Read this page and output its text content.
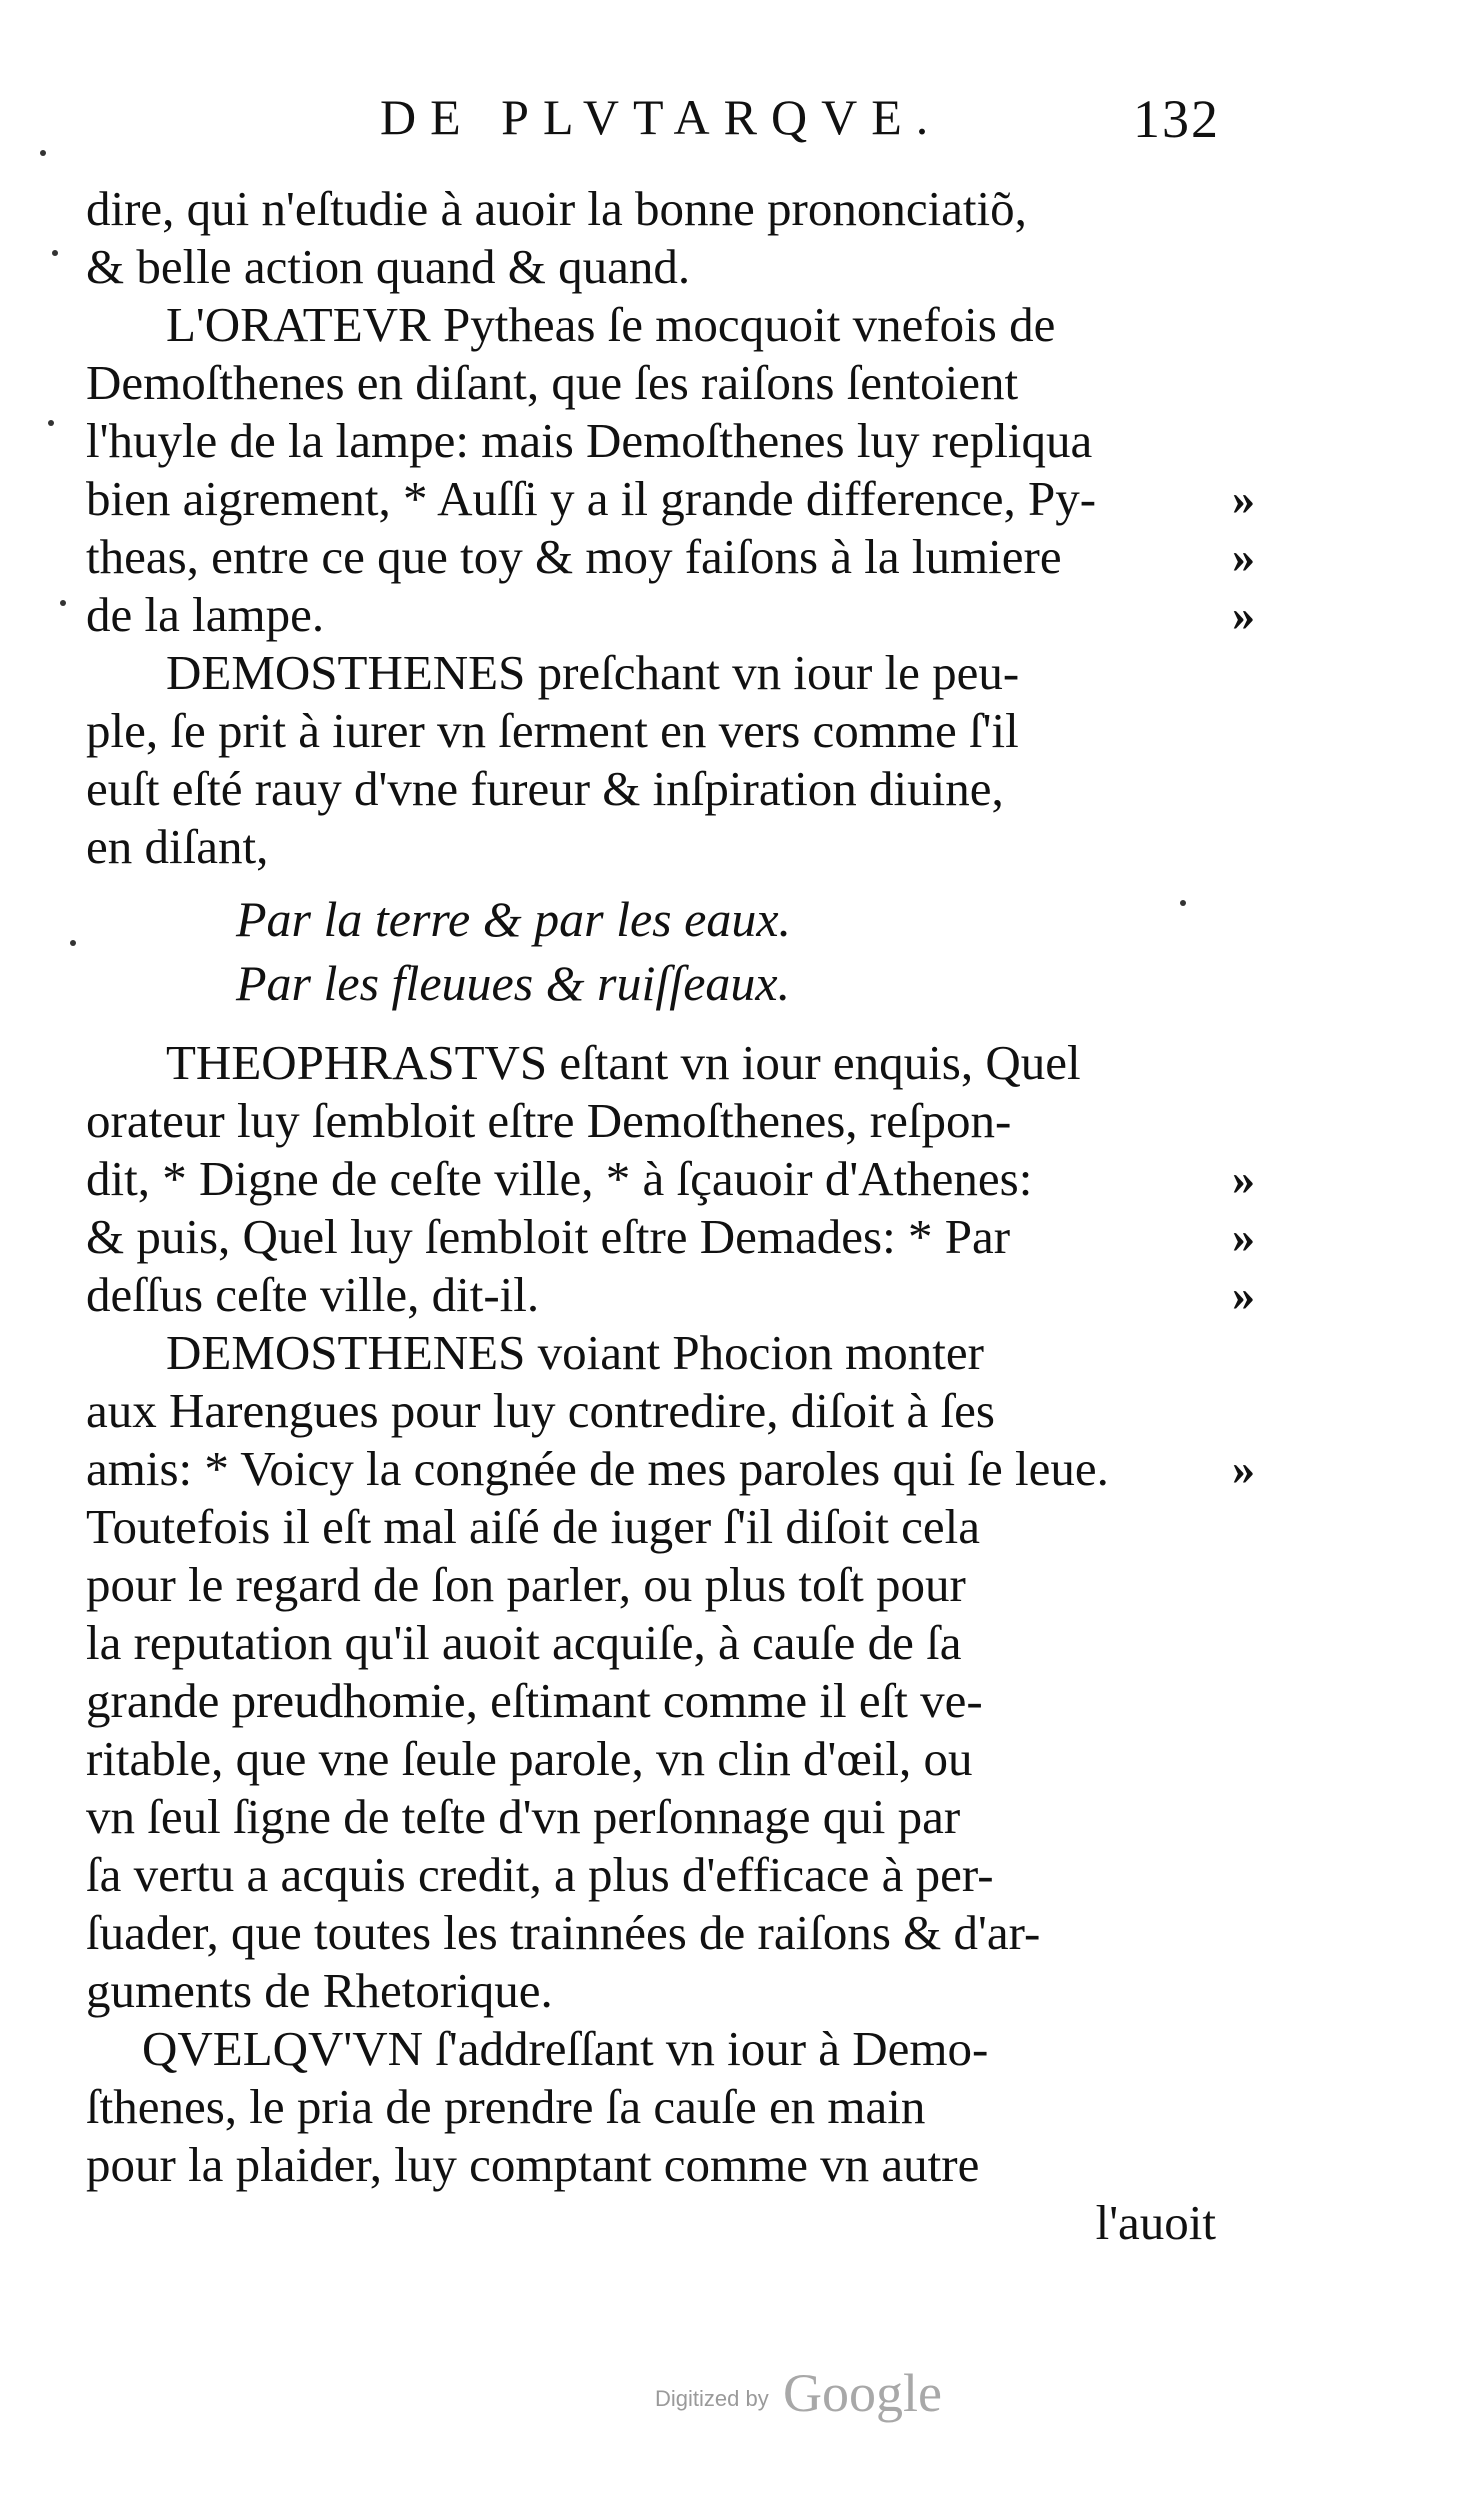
DE PLVTARQVE.	132
dire, qui n'eſtudie à auoir la bonne prononciatiõ,
& belle action quand & quand.
L'ORATEVR Pytheas ſe mocquoit vnefois de
Demoſthenes en diſant, que ſes raiſons ſentoient
l'huyle de la lampe: mais Demoſthenes luy repliqua
bien aigrement, * Auſſi y a il grande difference, Py-	»
theas, entre ce que toy & moy faiſons à la lumiere	»
de la lampe.	»
DEMOSTHENES preſchant vn iour le peu-
ple, ſe prit à iurer vn ſerment en vers comme ſ'il
euſt eſté rauy d'vne fureur & inſpiration diuine,
en diſant,
Par la terre & par les eaux.
Par les fleuues & ruiſſeaux.
THEOPHRASTVS eſtant vn iour enquis, Quel
orateur luy ſembloit eſtre Demoſthenes, reſpon-
dit, * Digne de ceſte ville, * à ſçauoir d'Athenes:	»
& puis, Quel luy ſembloit eſtre Demades: * Par	»
deſſus ceſte ville, dit-il.	»
DEMOSTHENES voiant Phocion monter
aux Harengues pour luy contredire, diſoit à ſes
amis: * Voicy la congnée de mes paroles qui ſe leue.	»
Toutefois il eſt mal aiſé de iuger ſ'il diſoit cela
pour le regard de ſon parler, ou plus toſt pour
la reputation qu'il auoit acquiſe, à cauſe de ſa
grande preudhomie, eſtimant comme il eſt ve-
ritable, que vne ſeule parole, vn clin d'œil, ou
vn ſeul ſigne de teſte d'vn perſonnage qui par
ſa vertu a acquis credit, a plus d'efficace à per-
ſuader, que toutes les trainnées de raiſons & d'ar-
guments de Rhetorique.
QVELQV'VN ſ'addreſſant vn iour à Demo-
ſthenes, le pria de prendre ſa cauſe en main
pour la plaider, luy comptant comme vn autre
l'auoit
Digitized by Google
